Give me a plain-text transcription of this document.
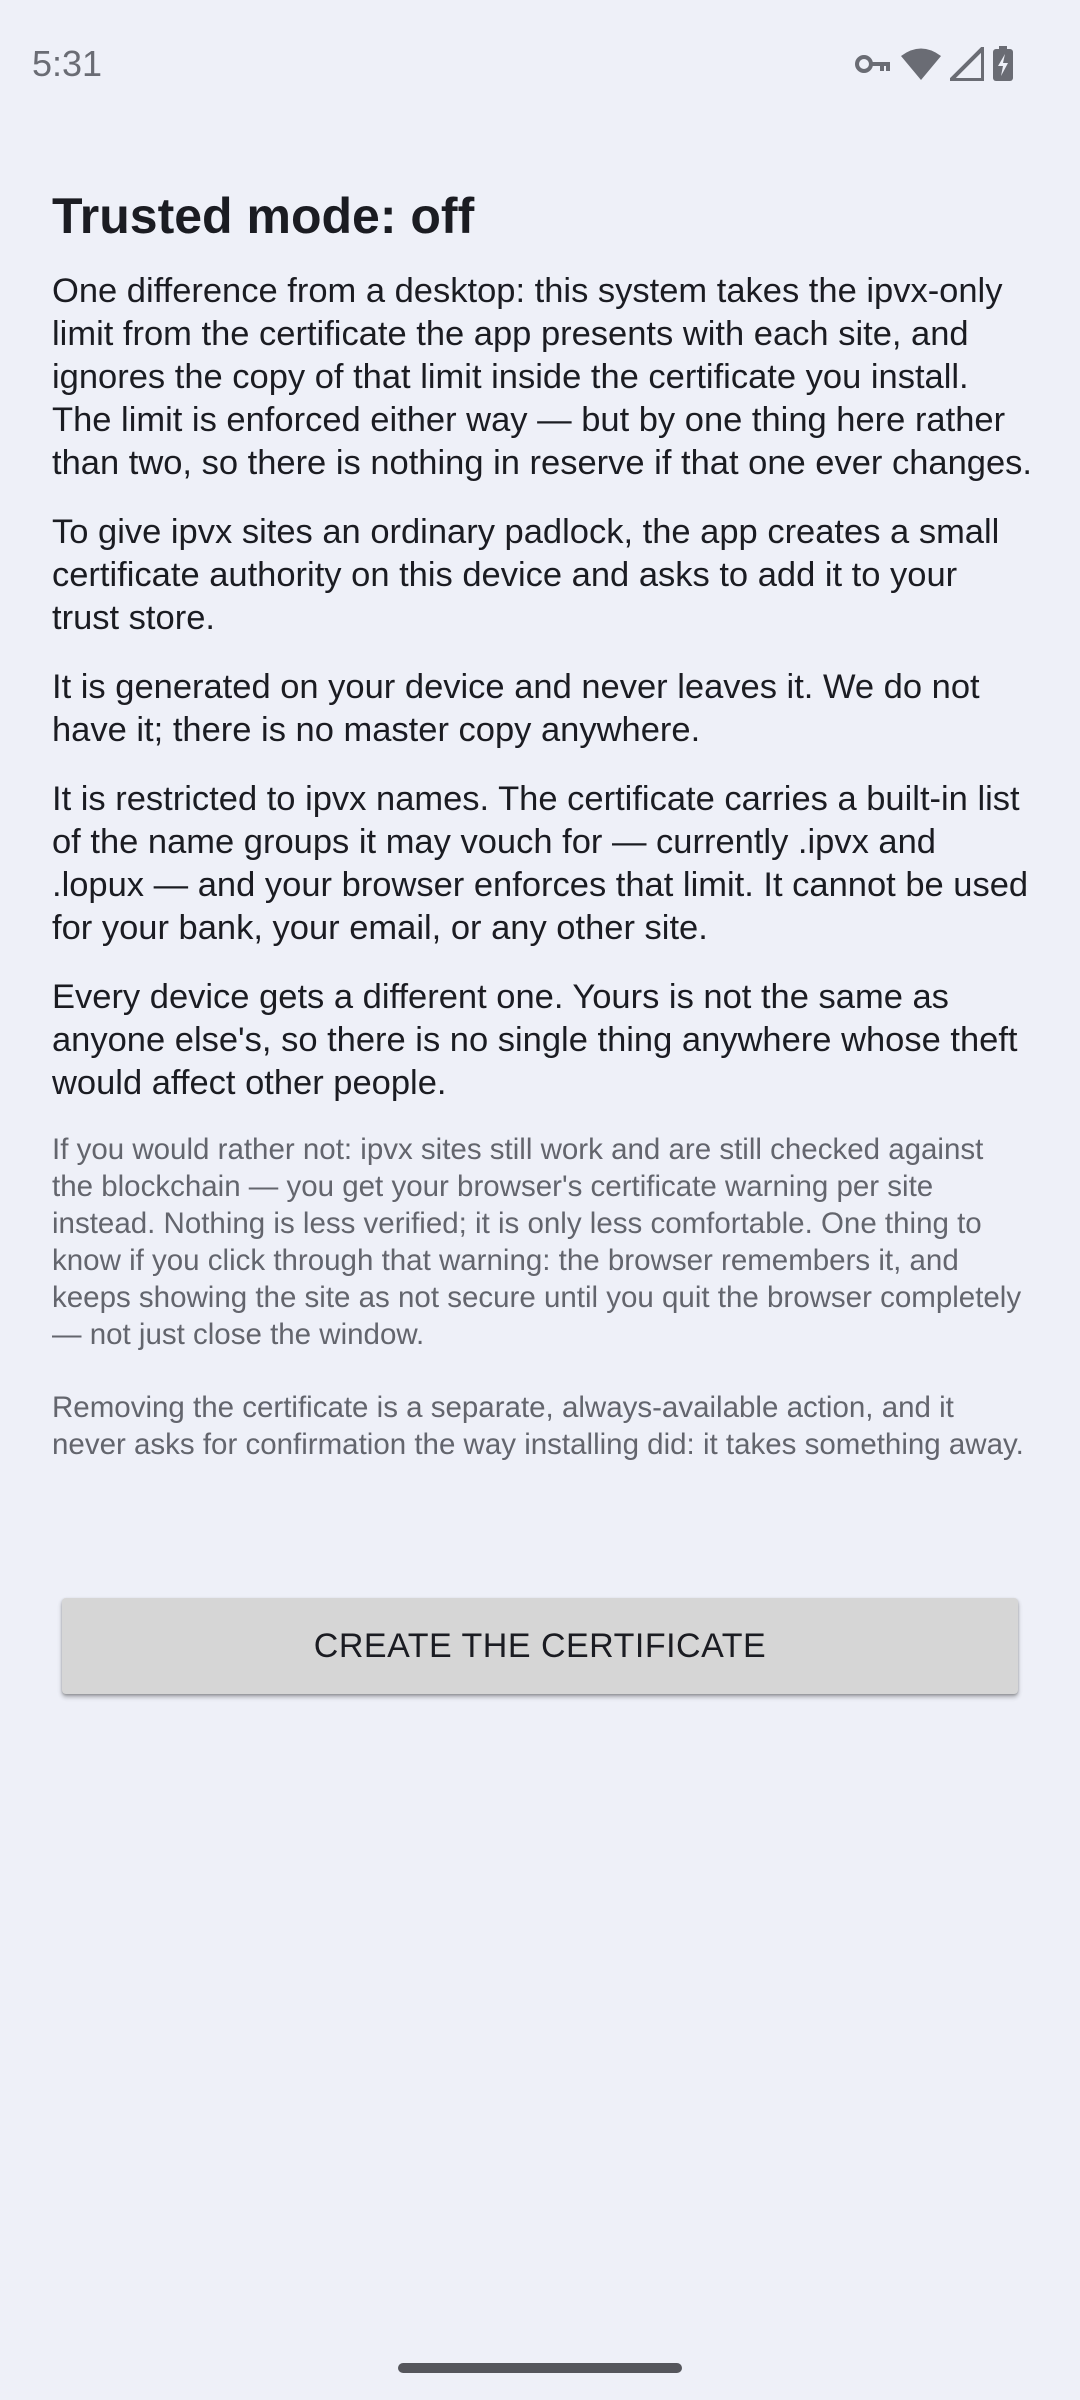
5:31
Trusted mode: off

One difference from a desktop: this system takes the ipvx-only limit from the certificate the app presents with each site, and ignores the copy of that limit inside the certificate you install. The limit is enforced either way — but by one thing here rather than two, so there is nothing in reserve if that one ever changes.

To give ipvx sites an ordinary padlock, the app creates a small certificate authority on this device and asks to add it to your trust store.

It is generated on your device and never leaves it. We do not have it; there is no master copy anywhere.

It is restricted to ipvx names. The certificate carries a built-in list of the name groups it may vouch for — currently .ipvx and .lopux — and your browser enforces that limit. It cannot be used for your bank, your email, or any other site.

Every device gets a different one. Yours is not the same as anyone else's, so there is no single thing anywhere whose theft would affect other people.

If you would rather not: ipvx sites still work and are still checked against the blockchain — you get your browser's certificate warning per site instead. Nothing is less verified; it is only less comfortable. One thing to know if you click through that warning: the browser remembers it, and keeps showing the site as not secure until you quit the browser completely — not just close the window.

Removing the certificate is a separate, always-available action, and it never asks for confirmation the way installing did: it takes something away.

CREATE THE CERTIFICATE
